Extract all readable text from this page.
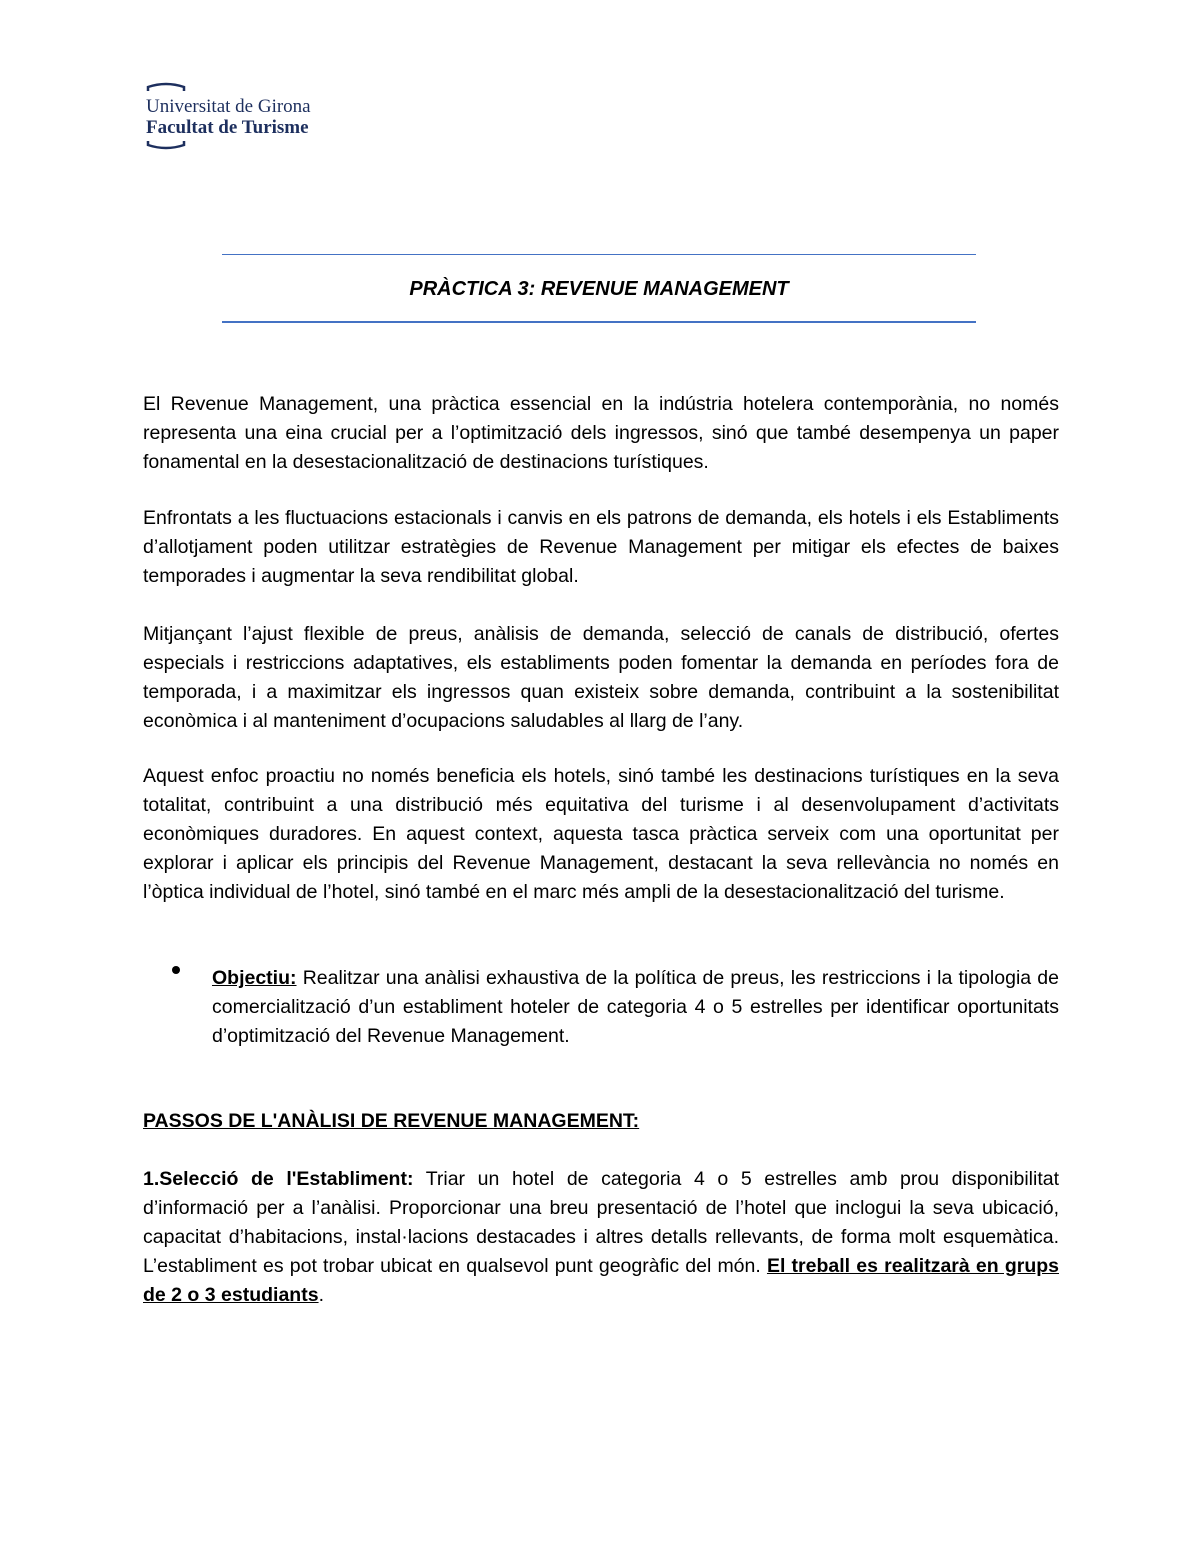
Universitat de Girona
Facultat de Turisme
PRÀCTICA 3: REVENUE MANAGEMENT

El Revenue Management, una pràctica essencial en la indústria hotelera contemporània, no només representa una eina crucial per a l’optimització dels ingressos, sinó que també desempenya un paper fonamental en la desestacionalització de destinacions turístiques.

Enfrontats a les fluctuacions estacionals i canvis en els patrons de demanda, els hotels i els Establiments d’allotjament poden utilitzar estratègies de Revenue Management per mitigar els efectes de baixes temporades i augmentar la seva rendibilitat global.

Mitjançant l’ajust flexible de preus, anàlisis de demanda, selecció de canals de distribució, ofertes especials i restriccions adaptatives, els establiments poden fomentar la demanda en períodes fora de temporada, i a maximitzar els ingressos quan existeix sobre demanda, contribuint a la sostenibilitat econòmica i al manteniment d’ocupacions saludables al llarg de l’any.

Aquest enfoc proactiu no només beneficia els hotels, sinó també les destinacions turístiques en la seva totalitat, contribuint a una distribució més equitativa del turisme i al desenvolupament d’activitats econòmiques duradores. En aquest context, aquesta tasca pràctica serveix com una oportunitat per explorar i aplicar els principis del Revenue Management, destacant la seva rellevància no només en l’òptica individual de l’hotel, sinó també en el marc més ampli de la desestacionalització del turisme.

Objectiu: Realitzar una anàlisi exhaustiva de la política de preus, les restriccions i la tipologia de comercialització d’un establiment hoteler de categoria 4 o 5 estrelles per identificar oportunitats d’optimització del Revenue Management.

PASSOS DE L'ANÀLISI DE REVENUE MANAGEMENT:

1.Selecció de l'Establiment: Triar un hotel de categoria 4 o 5 estrelles amb prou disponibilitat d’informació per a l’anàlisi. Proporcionar una breu presentació de l’hotel que inclogui la seva ubicació, capacitat d’habitacions, instal·lacions destacades i altres detalls rellevants, de forma molt esquemàtica. L’establiment es pot trobar ubicat en qualsevol punt geogràfic del món. El treball es realitzarà en grups de 2 o 3 estudiants.
